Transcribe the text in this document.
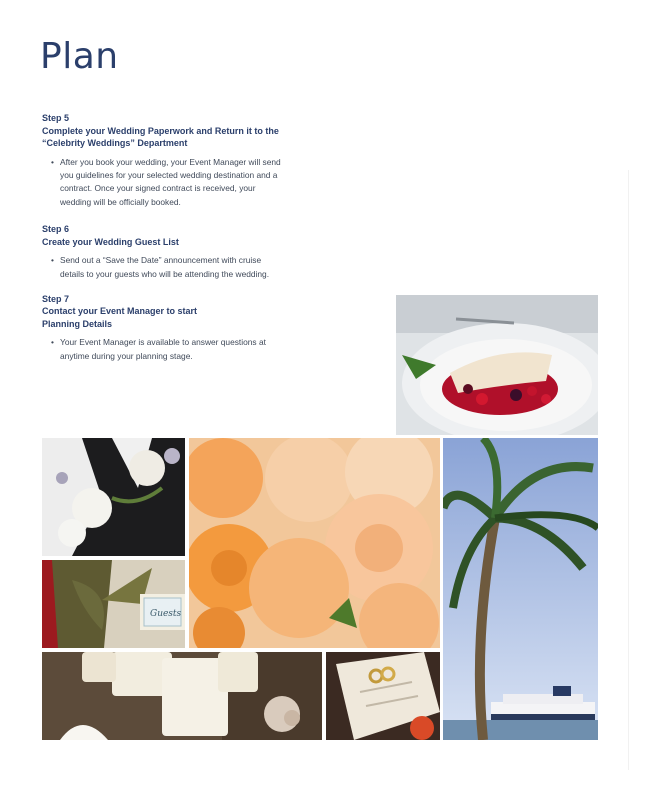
Plan
Step 5
Complete your Wedding Paperwork and Return it to the
“Celebrity Weddings” Department
• After you book your wedding, your Event Manager will send
you guidelines for your selected wedding destination and a
contract. Once your signed contract is received, your
wedding will be officially booked.
Step 6
Create your Wedding Guest List
• Send out a “Save the Date” announcement with cruise
details to your guests who will be attending the wedding.
Step 7
Contact your Event Manager to start
Planning Details
• Your Event Manager is available to answer questions at
anytime during your planning stage.
Guests
